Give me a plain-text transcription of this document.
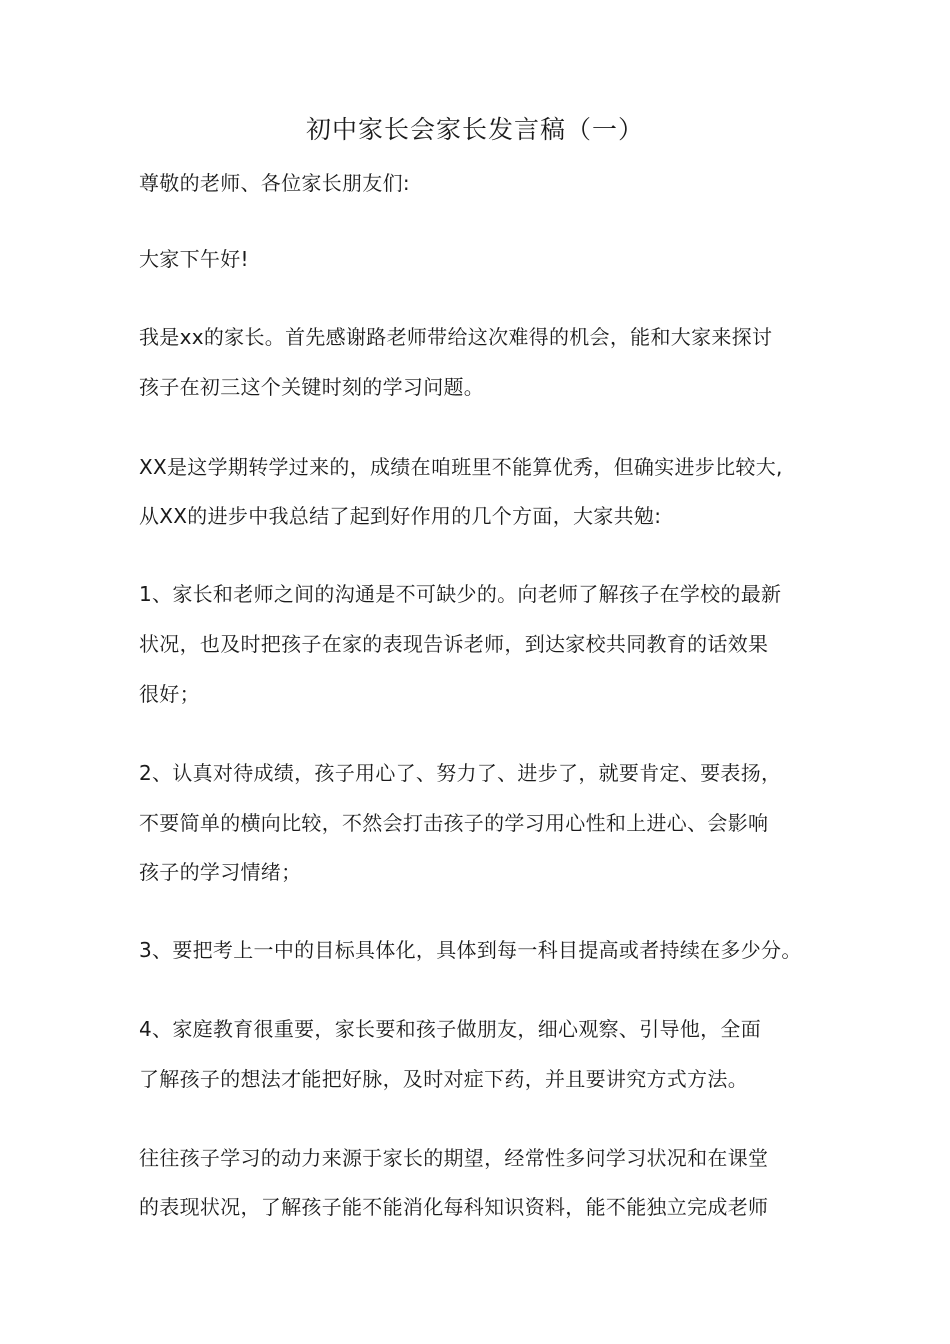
初中家长会家长发言稿（一）

尊敬的老师、各位家长朋友们:

大家下午好!

我是xx的家长。首先感谢路老师带给这次难得的机会，能和大家来探讨

孩子在初三这个关键时刻的学习问题。

XX是这学期转学过来的，成绩在咱班里不能算优秀，但确实进步比较大,

从XX的进步中我总结了起到好作用的几个方面，大家共勉:

1、家长和老师之间的沟通是不可缺少的。向老师了解孩子在学校的最新

状况，也及时把孩子在家的表现告诉老师，到达家校共同教育的话效果

很好；

2、认真对待成绩，孩子用心了、努力了、进步了，就要肯定、要表扬，

不要简单的横向比较，不然会打击孩子的学习用心性和上进心、会影响

孩子的学习情绪；

3、要把考上一中的目标具体化，具体到每一科目提高或者持续在多少分。

4、家庭教育很重要，家长要和孩子做朋友，细心观察、引导他，全面

了解孩子的想法才能把好脉，及时对症下药，并且要讲究方式方法。

往往孩子学习的动力来源于家长的期望，经常性多问学习状况和在课堂

的表现状况，了解孩子能不能消化每科知识资料，能不能独立完成老师
